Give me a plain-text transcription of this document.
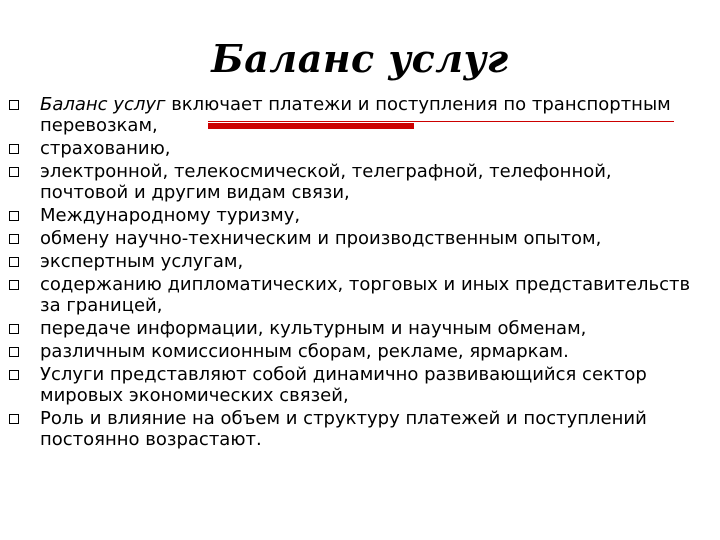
Баланс услуг
Баланс услуг включает платежи и поступления по транспортным перевозкам,
страхованию,
электронной, телекосмической, телеграфной, телефонной, почтовой и другим видам связи,
Международному туризму,
обмену научно-техническим и производственным опытом,
экспертным услугам,
содержанию дипломатических, торговых и иных представительств за границей,
передаче информации, культурным и научным обменам,
различным комиссионным сборам, рекламе, ярмаркам.
Услуги представляют собой динамично развивающийся сектор мировых экономических связей,
Роль и влияние на объем и структуру платежей и поступлений постоянно возрастают.
